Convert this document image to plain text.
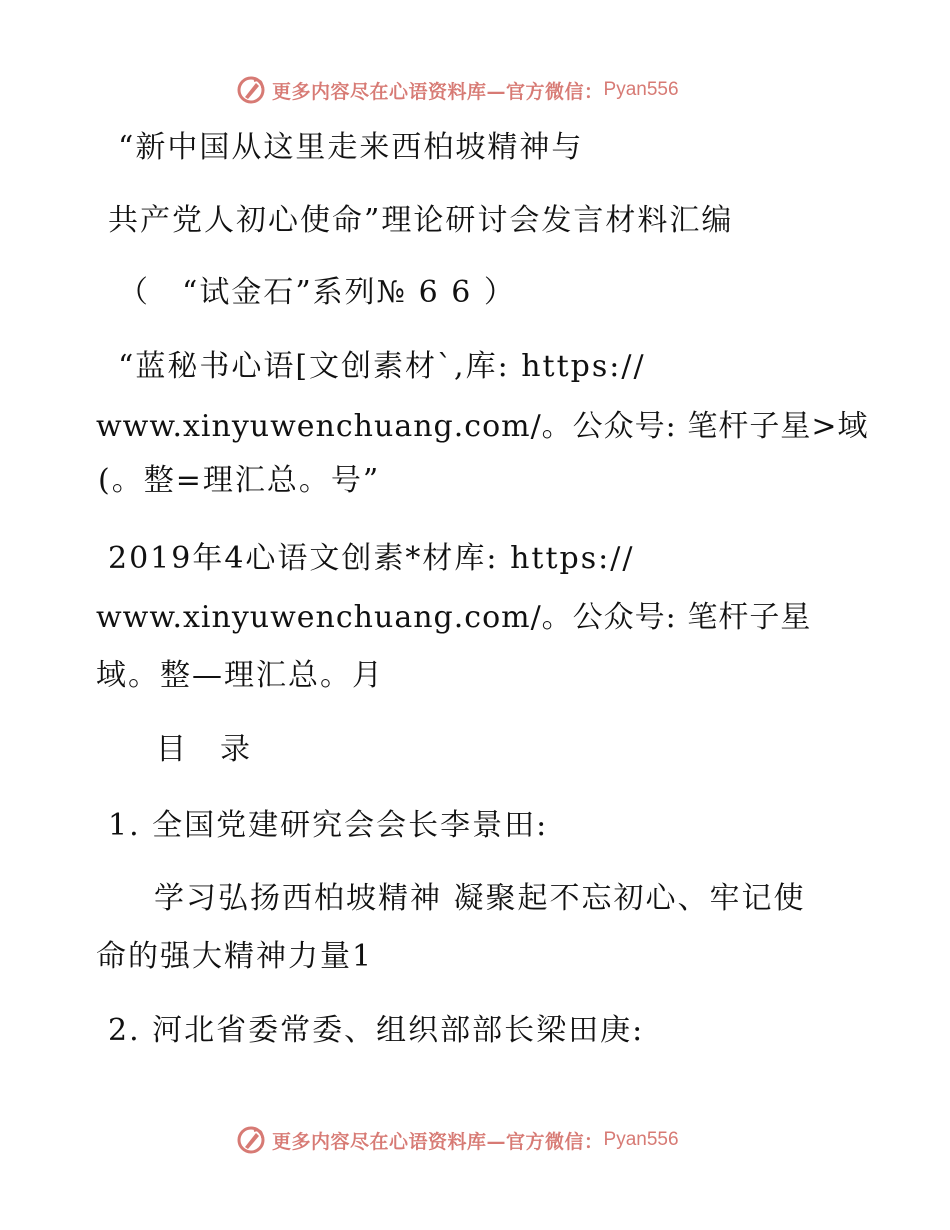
更多内容尽在心语资料库—官方微信： Pyan556
“新中国从这里走来西柏坡精神与
共产党人初心使命”理论研讨会发言材料汇编
（　“试金石”系列№ 6 6 ）
“蓝秘书心语[文创素材`,库: https://
www.xinyuwenchuang.com/。公众号: 笔杆子星>域
(。整=理汇总。号”
2019年4心语文创素*材库: https://
www.xinyuwenchuang.com/。公众号: 笔杆子星
域。整—理汇总。月
目　录
1. 全国党建研究会会长李景田:
学习弘扬西柏坡精神 凝聚起不忘初心、牢记使
命的强大精神力量1
2. 河北省委常委、组织部部长梁田庚:
更多内容尽在心语资料库—官方微信： Pyan556
